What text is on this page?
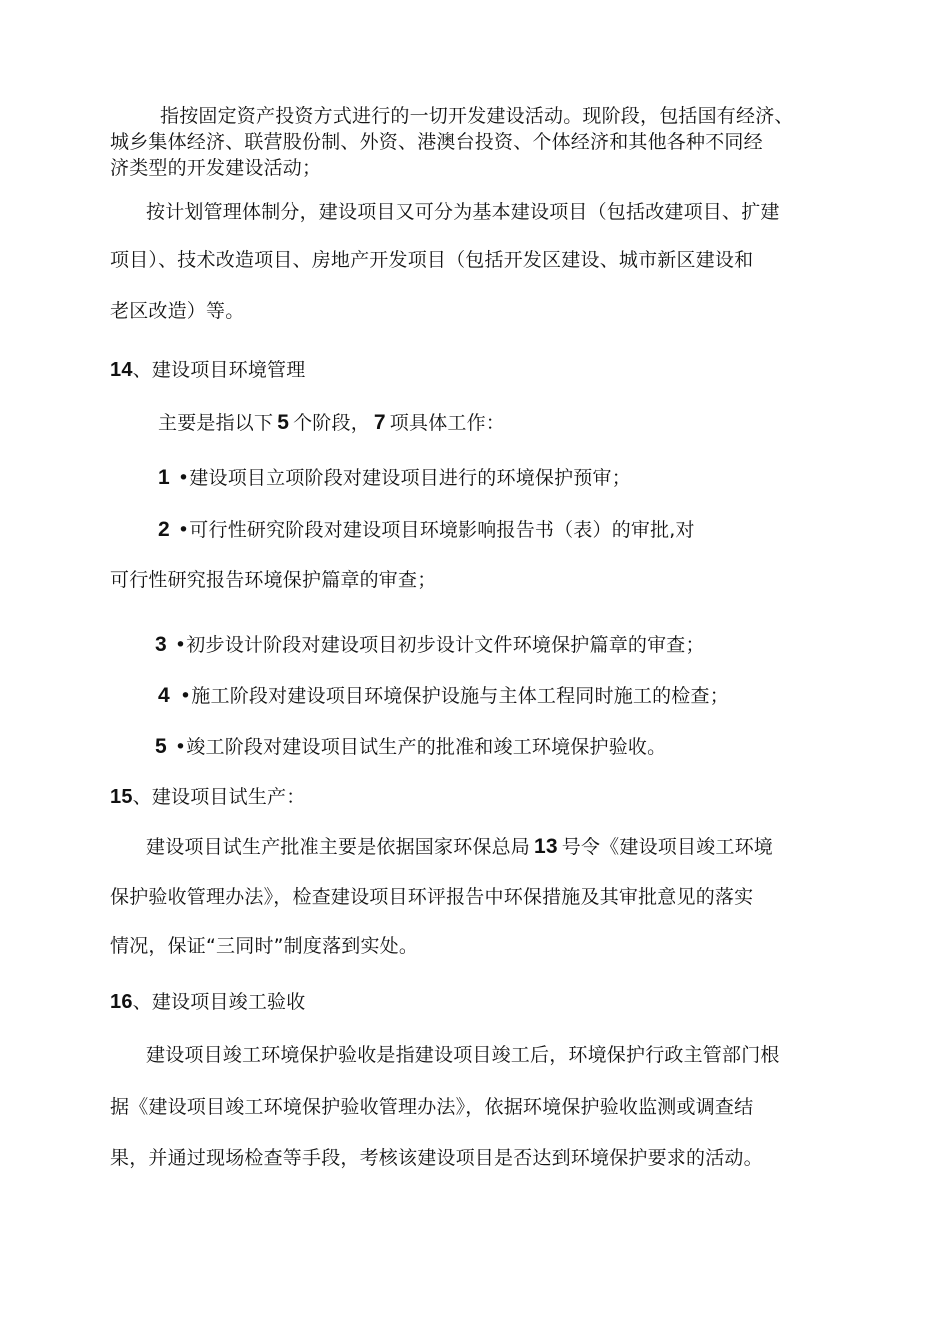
指按固定资产投资方式进行的一切开发建设活动。现阶段，包括国有经济、
城乡集体经济、联营股份制、外资、港澳台投资、个体经济和其他各种不同经
济类型的开发建设活动；
按计划管理体制分，建设项目又可分为基本建设项目（包括改建项目、扩建
项目）、技术改造项目、房地产开发项目（包括开发区建设、城市新区建设和
老区改造）等。
14、建设项目环境管理
主要是指以下 5 个阶段， 7 项具体工作：
1 •建设项目立项阶段对建设项目进行的环境保护预审；
2 •可行性研究阶段对建设项目环境影响报告书（表）的审批,对
可行性研究报告环境保护篇章的审查；
3 •初步设计阶段对建设项目初步设计文件环境保护篇章的审查；
4 •施工阶段对建设项目环境保护设施与主体工程同时施工的检查；
5 •竣工阶段对建设项目试生产的批准和竣工环境保护验收。
15、建设项目试生产：
建设项目试生产批准主要是依据国家环保总局 13 号令《建设项目竣工环境
保护验收管理办法》，检查建设项目环评报告中环保措施及其审批意见的落实
情况，保证“三同时”制度落到实处。
16、建设项目竣工验收
建设项目竣工环境保护验收是指建设项目竣工后，环境保护行政主管部门根
据《建设项目竣工环境保护验收管理办法》，依据环境保护验收监测或调查结
果，并通过现场检查等手段，考核该建设项目是否达到环境保护要求的活动。
